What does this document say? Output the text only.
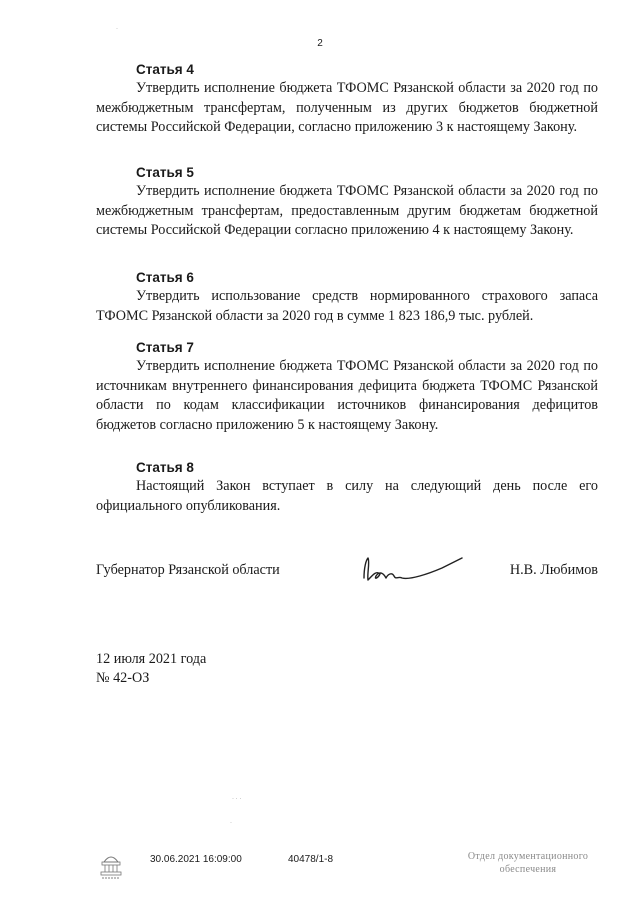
2
Статья 4

Утвердить исполнение бюджета ТФОМС Рязанской области за 2020 год по межбюджетным трансфертам, полученным из других бюджетов бюджетной системы Российской Федерации, согласно приложению 3 к настоящему Закону.

Статья 5

Утвердить исполнение бюджета ТФОМС Рязанской области за 2020 год по межбюджетным трансфертам, предоставленным другим бюджетам бюджетной системы Российской Федерации согласно приложению 4 к настоящему Закону.

Статья 6

Утвердить использование средств нормированного страхового запаса ТФОМС Рязанской области за 2020 год в сумме 1 823 186,9 тыс. рублей.

Статья 7

Утвердить исполнение бюджета ТФОМС Рязанской области за 2020 год по источникам внутреннего финансирования дефицита бюджета ТФОМС Рязанской области по кодам классификации источников финансирования дефицитов бюджетов согласно приложению 5 к настоящему Закону.

Статья 8

Настоящий Закон вступает в силу на следующий день после его официального опубликования.

Губернатор Рязанской области	Н.В. Любимов
12 июля 2021 года
№ 42-ОЗ
·
· · ·
·
30.06.2021 16:09:00	40478/1-8	Отдел документационного
обеспечения
